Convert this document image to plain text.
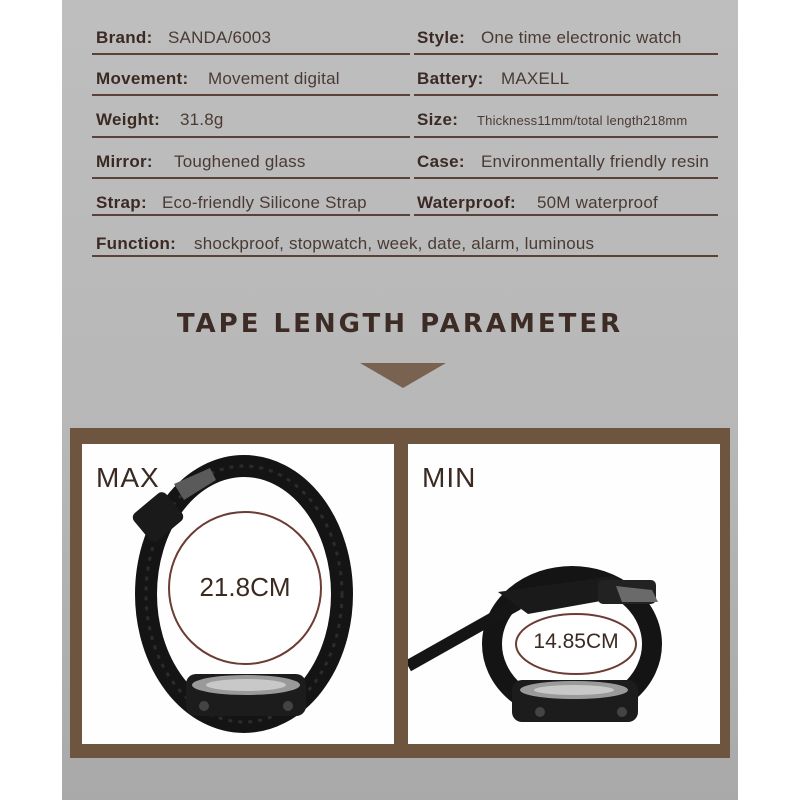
Brand: SANDA/6003	Style: One time electronic watch
Movement: Movement digital	Battery: MAXELL
Weight: 31.8g	Size: Thickness11mm/total length218mm
Mirror: Toughened glass	Case: Environmentally friendly resin
Strap: Eco-friendly Silicone Strap	Waterproof: 50M waterproof
Function: shockproof, stopwatch, week, date, alarm, luminous
TAPE LENGTH PARAMETER
MAX
21.8CM
MIN
14.85CM
